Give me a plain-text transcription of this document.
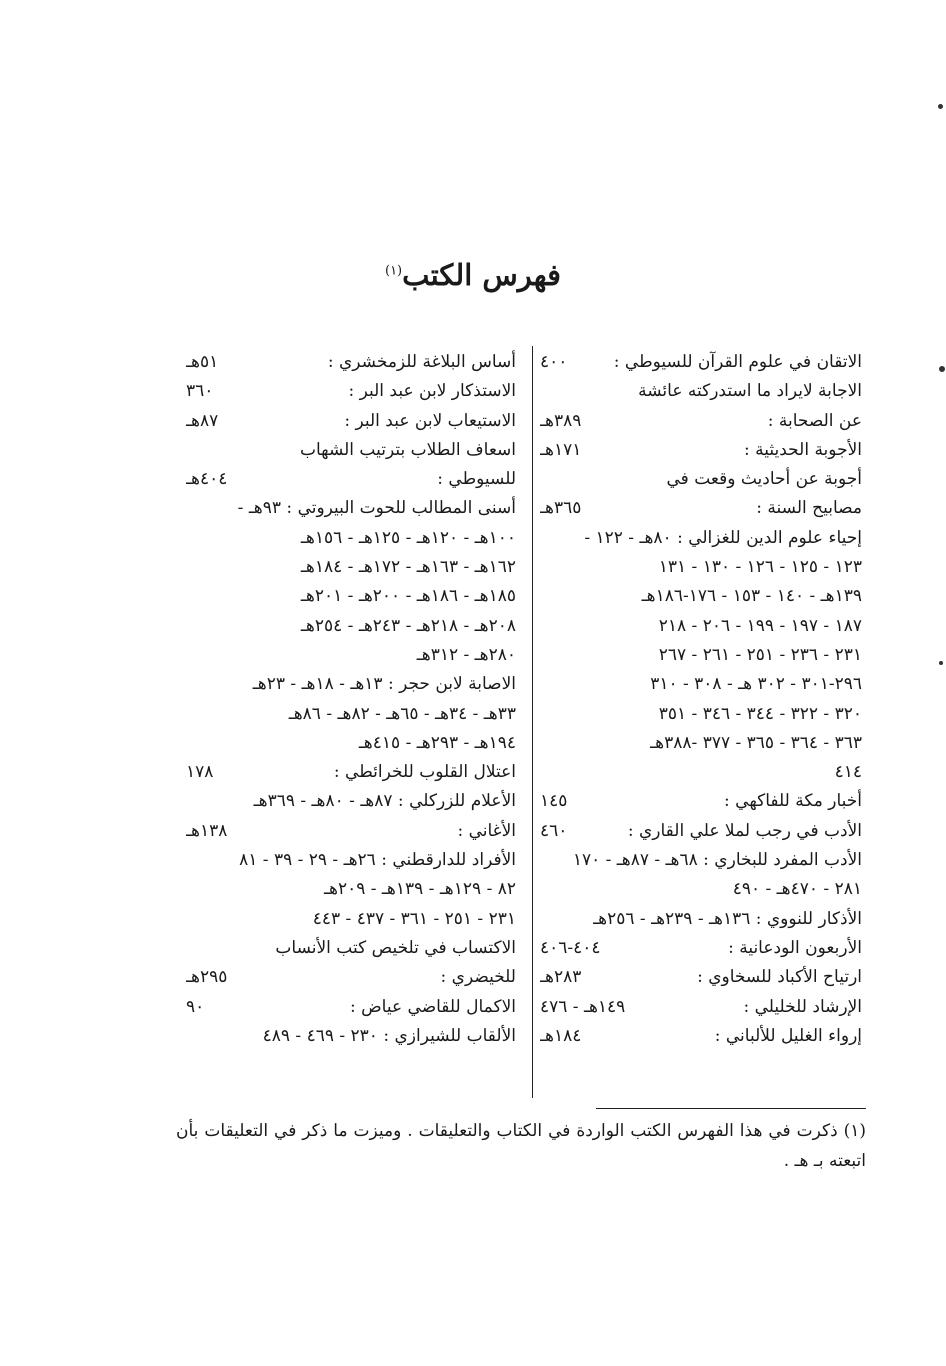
فهرس الكتب$^{(١)}$
الاتقان في علوم القرآن للسيوطي :
٤٠٠
الاجابة لايراد ما استدركته عائشة
عن الصحابة :
٣٨٩هـ
الأجوبة الحديثية :
١٧١هـ
أجوبة عن أحاديث وقعت في
مصابيح السنة :
٣٦٥هـ
إحياء علوم الدين للغزالي : ٨٠هـ - ١٢٢ -
١٢٣ - ١٢٥ - ١٢٦ - ١٣٠ - ١٣١
١٣٩هـ - ١٤٠ - ١٥٣ - ١٧٦-١٨٦هـ
١٨٧ - ١٩٧ - ١٩٩ - ٢٠٦ - ٢١٨
٢٣١ - ٢٣٦ - ٢٥١ - ٢٦١ - ٢٦٧
٢٩٦-٣٠١ - ٣٠٢ هـ - ٣٠٨ - ٣١٠
٣٢٠ - ٣٢٢ - ٣٤٤ - ٣٤٦ - ٣٥١
٣٦٣ - ٣٦٤ - ٣٦٥ - ٣٧٧ -٣٨٨هـ
٤١٤
أخبار مكة للفاكهي :
١٤٥
الأدب في رجب لملا علي القاري :
٤٦٠
الأدب المفرد للبخاري : ٦٨هـ - ٨٧هـ - ١٧٠
٢٨١ - ٤٧٠هـ - ٤٩٠
الأذكار للنووي : ١٣٦هـ - ٢٣٩هـ - ٢٥٦هـ
الأربعون الودعانية :
٤٠٤-٤٠٦
ارتياح الأكباد للسخاوي :
٢٨٣هـ
الإرشاد للخليلي :
١٤٩هـ - ٤٧٦
إرواء الغليل للألباني :
١٨٤هـ
أساس البلاغة للزمخشري :
٥١هـ
الاستذكار لابن عبد البر :
٣٦٠
الاستيعاب لابن عبد البر :
٨٧هـ
اسعاف الطلاب بترتيب الشهاب
للسيوطي :
٤٠٤هـ
أسنى المطالب للحوت البيروتي : ٩٣هـ -
١٠٠هـ - ١٢٠هـ - ١٢٥هـ - ١٥٦هـ
١٦٢هـ - ١٦٣هـ - ١٧٢هـ - ١٨٤هـ
١٨٥هـ - ١٨٦هـ - ٢٠٠هـ - ٢٠١هـ
٢٠٨هـ - ٢١٨هـ - ٢٤٣هـ - ٢٥٤هـ
٢٨٠هـ - ٣١٢هـ
الاصابة لابن حجر : ١٣هـ - ١٨هـ - ٢٣هـ
٣٣هـ - ٣٤هـ - ٦٥هـ - ٨٢هـ - ٨٦هـ
١٩٤هـ - ٢٩٣هـ - ٤١٥هـ
اعتلال القلوب للخرائطي :
١٧٨
الأعلام للزركلي : ٨٧هـ - ٨٠هـ - ٣٦٩هـ
الأغاني :
١٣٨هـ
الأفراد للدارقطني : ٢٦هـ - ٢٩ - ٣٩ - ٨١
٨٢ - ١٢٩هـ - ١٣٩هـ - ٢٠٩هـ
٢٣١ - ٢٥١ - ٣٦١ - ٤٣٧ - ٤٤٣
الاكتساب في تلخيص كتب الأنساب
للخيضري :
٢٩٥هـ
الاكمال للقاضي عياض :
٩٠
الألقاب للشيرازي : ٢٣٠ - ٤٦٩ - ٤٨٩
(١) ذكرت في هذا الفهرس الكتب الواردة في الكتاب والتعليقات . وميزت ما ذكر في التعليقات بأن اتبعته بـ هـ .
